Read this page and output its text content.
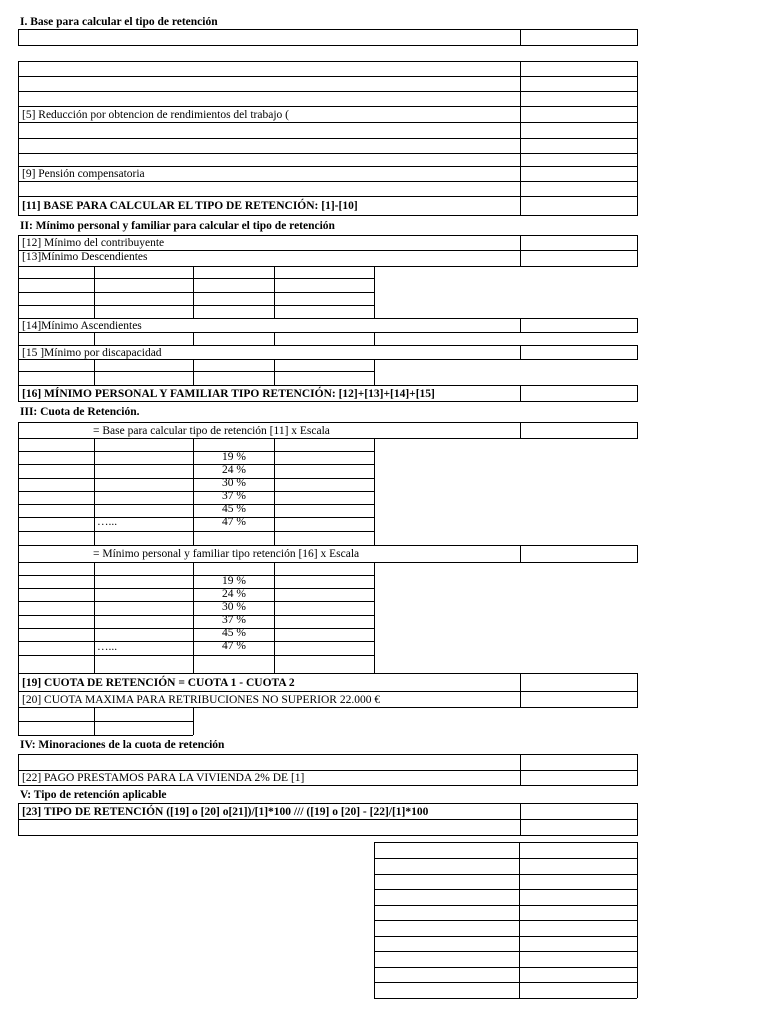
I. Base para calcular el tipo de retención
[5] Reducción por obtencion de rendimientos del trabajo (
[9] Pensión compensatoria
[11] BASE PARA CALCULAR EL TIPO DE RETENCIÓN: [1]-[10]
II: Mínimo personal y familiar para calcular el tipo de retención
[12] Mínimo del contribuyente
[13]Mínimo Descendientes
[14]Mínimo Ascendientes
[15 ]Mínimo por discapacidad
[16] MÍNIMO PERSONAL Y FAMILIAR TIPO RETENCIÓN: [12]+[13]+[14]+[15]
III: Cuota de Retención.
= Base para calcular tipo de retención [11] x Escala
19 %
24 %
30 %
37 %
45 %
47 %
…...
= Mínimo personal y familiar tipo retención [16] x Escala
19 %
24 %
30 %
37 %
45 %
47 %
…...
[19] CUOTA DE RETENCIÓN = CUOTA 1 - CUOTA 2
[20] CUOTA MAXIMA PARA RETRIBUCIONES NO SUPERIOR 22.000 €
IV: Minoraciones de la cuota de retención
[22] PAGO PRESTAMOS PARA LA VIVIENDA 2% DE [1]
V: Tipo de retención aplicable
[23] TIPO DE RETENCIÓN ([19] o [20] o[21])/[1]*100 /// ([19] o [20] - [22]/[1]*100
